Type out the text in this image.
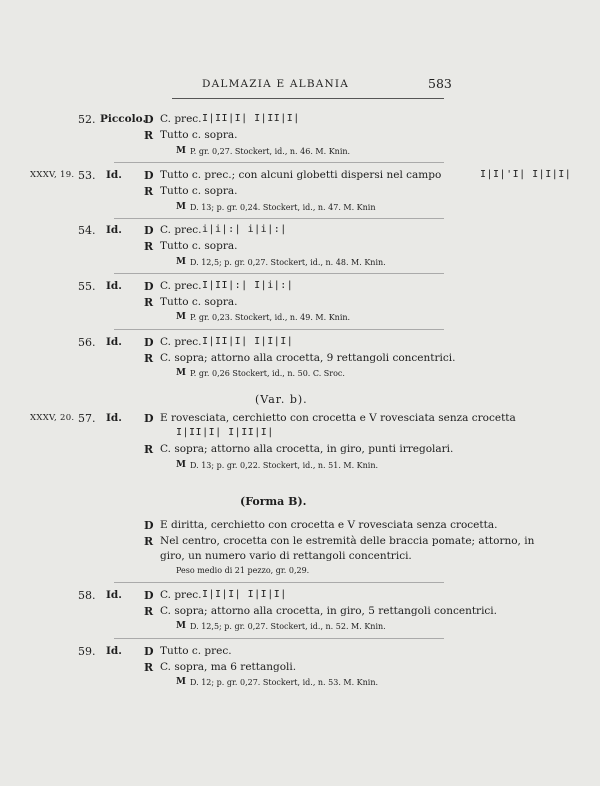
DALMAZIA E ALBANIA	583
52. Piccolo.
D C. prec. I|II|I| I|II|I|
R Tutto c. sopra.
M P. gr. 0,27. Stockert, id., n. 46. M. Knin.
XXXV, 19. 53. Id. D Tutto c. prec.; con alcuni globetti dispersi nel campo	I|I|'I| I|I|I|
R Tutto c. sopra.
M D. 13; p. gr. 0,24. Stockert, id., n. 47. M. Knin
54. Id. D C. prec. i|i|:| i|i|:|
R Tutto c. sopra.
M D. 12,5; p. gr. 0,27. Stockert, id., n. 48. M. Knin.
55. Id. D C. prec. I|II|:| I|i|:|
R Tutto c. sopra.
M P. gr. 0,23. Stockert, id., n. 49. M. Knin.
56. Id. D C. prec. I|II|I| I|I|I|
R C. sopra; attorno alla crocetta, 9 rettangoli concentrici.
M P. gr. 0,26 Stockert, id., n. 50. C. Sroc.
(Var. b).
XXXV, 20. 57. Id. D E rovesciata, cerchietto con crocetta e V rovesciata senza crocetta
I|II|I| I|II|I|
R C. sopra; attorno alla crocetta, in giro, punti irregolari.
M D. 13; p. gr. 0,22. Stockert, id., n. 51. M. Knin.
(Forma B).
D E diritta, cerchietto con crocetta e V rovesciata senza crocetta.
R Nel centro, crocetta con le estremità delle braccia pomate; attorno, in
giro, un numero vario di rettangoli concentrici.
Peso medio di 21 pezzo, gr. 0,29.
58. Id. D C. prec. I|I|I| I|I|I|
R C. sopra; attorno alla crocetta, in giro, 5 rettangoli concentrici.
M D. 12,5; p. gr. 0,27. Stockert, id., n. 52. M. Knin.
59. Id. D Tutto c. prec.
R C. sopra, ma 6 rettangoli.
M D. 12; p. gr. 0,27. Stockert, id., n. 53. M. Knin.
